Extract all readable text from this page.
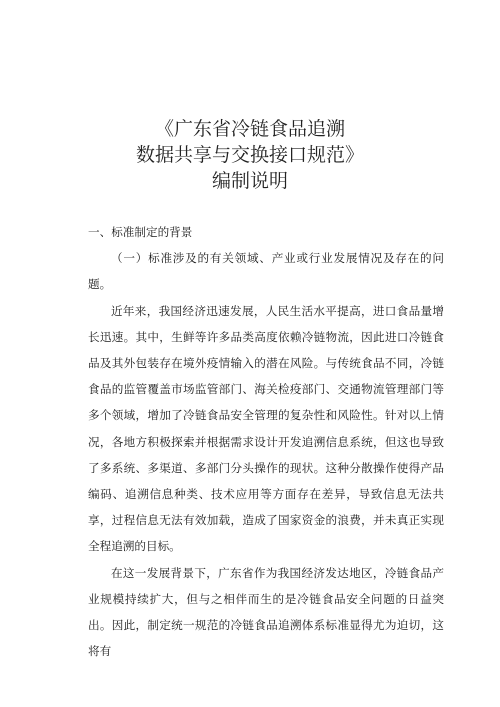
《广东省冷链食品追溯
数据共享与交换接口规范》
编制说明
一、标准制定的背景
（一）标准涉及的有关领域、产业或行业发展情况及存在的问题。
近年来，我国经济迅速发展，人民生活水平提高，进口食品量增长迅速。其中，生鲜等许多品类高度依赖冷链物流，因此进口冷链食品及其外包装存在境外疫情输入的潜在风险。与传统食品不同，冷链食品的监管覆盖市场监管部门、海关检疫部门、交通物流管理部门等多个领域，增加了冷链食品安全管理的复杂性和风险性。针对以上情况，各地方积极探索并根据需求设计开发追溯信息系统，但这也导致了多系统、多渠道、多部门分头操作的现状。这种分散操作使得产品编码、追溯信息种类、技术应用等方面存在差异，导致信息无法共享，过程信息无法有效加载，造成了国家资金的浪费，并未真正实现全程追溯的目标。
在这一发展背景下，广东省作为我国经济发达地区，冷链食品产业规模持续扩大，但与之相伴而生的是冷链食品安全问题的日益突出。因此，制定统一规范的冷链食品追溯体系标准显得尤为迫切，这将有
